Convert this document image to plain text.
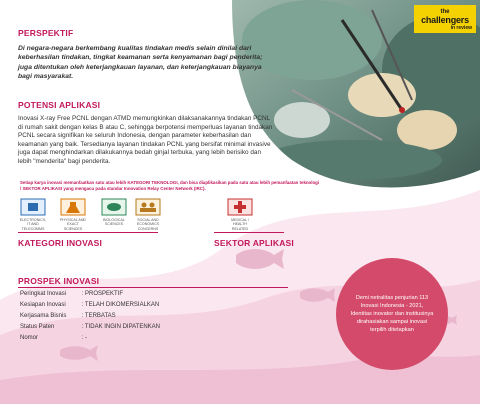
the
challengers
in review
PERSPEKTIF
Di negara-negara berkembang kualitas tindakan medis selain dinilai dari keberhasilan tindakan, tingkat keamanan serta kenyamanan bagi penderita; juga ditentukan oleh keterjangkauan layanan, dan keterjangkauan biayanya bagi masyarakat.
POTENSI APLIKASI
Inovasi X-ray Free PCNL dengan ATMD memungkinkan dilaksanakannya tindakan PCNL di rumah sakit dengan kelas B atau C, sehingga berpotensi memperluas layanan tindakan PCNL secara signifikan ke seluruh Indonesia, dengan parameter keberhasilan dan keamanan yang baik. Tersedianya layanan tindakan PCNL yang bersifat minimal invasive juga dapat menghindarkan dilakukannya bedah ginjal terbuka, yang lebih berisiko dan lebih "menderita" bagi penderita.
Setiap karya inovasi memanfaatkan satu atau lebih KATEGORI TEKNOLOGI, dan bisa diaplikasikan pada satu atau lebih pemanfaatan teknologi / SEKTOR APLIKASI yang mengacu pada standar Innovation Relay Center Network (IRC).
ELECTRONICS, IT AND TELECOMMS
PHYSICAL AND EXACT SCIENCES
BIOLOGICAL SCIENCES
SOCIAL AND ECONOMICS CONCERNS
KATEGORI INOVASI
MEDICAL / HEALTH RELATED
SEKTOR APLIKASI
PROSPEK INOVASI
Peringkat Inovasi	: PROSPEKTIF
Kesiapan Inovasi	: TELAH DIKOMERSIALKAN
Kerjasama Bisnis	: TERBATAS
Status Paten	: TIDAK INGIN DIPATENKAN
Nomor	: -
Demi netralitas penjurian 113 Inovasi Indonesia - 2021, Identitas inovator dan institusinya dirahasiakan sampai inovasi terpilih ditetapkan
